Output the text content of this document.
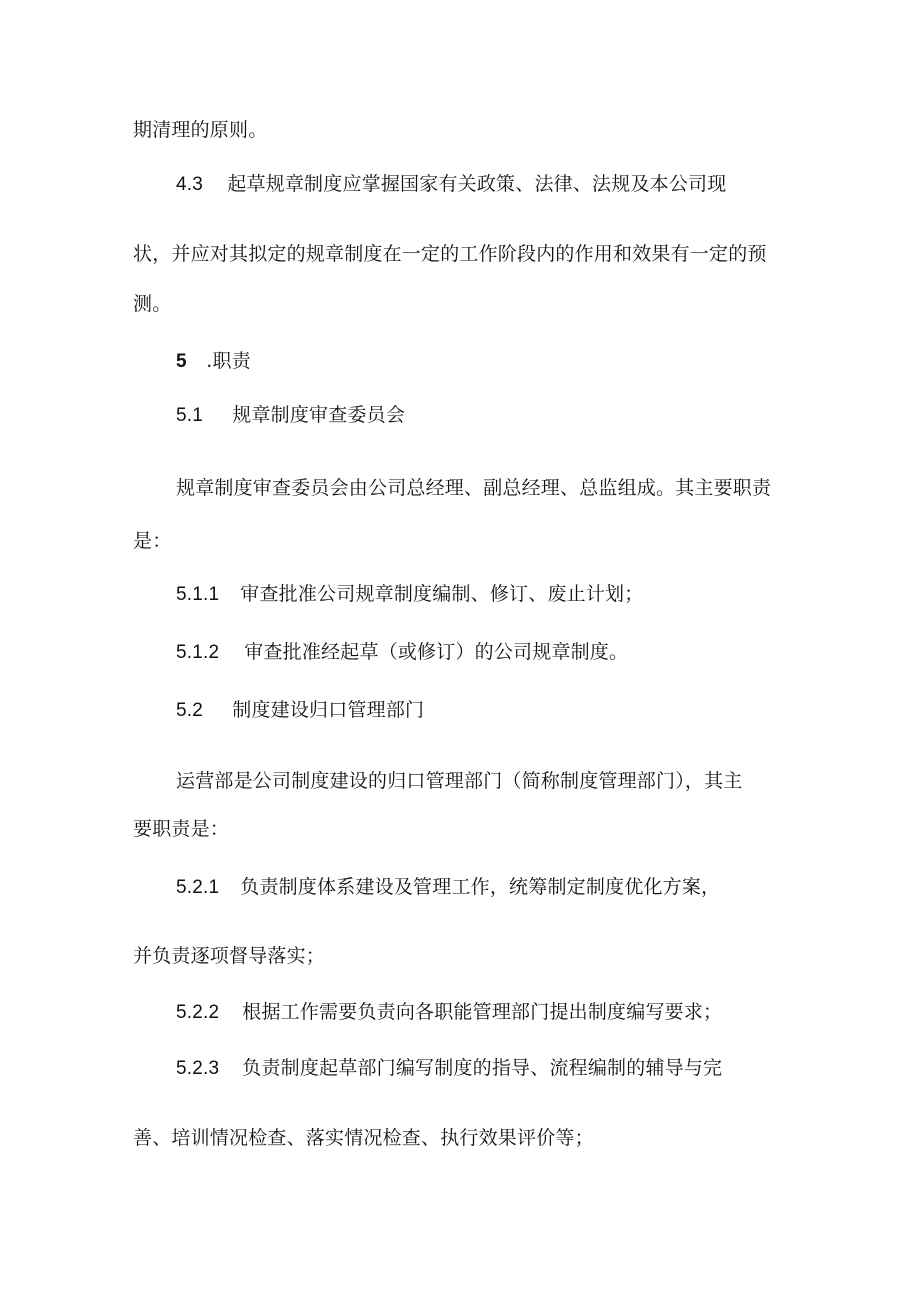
期清理的原则。
4.3 起草规章制度应掌握国家有关政策、法律、法规及本公司现
状，并应对其拟定的规章制度在一定的工作阶段内的作用和效果有一定的预
测。
5 .职责
5.1 规章制度审查委员会
规章制度审查委员会由公司总经理、副总经理、总监组成。其主要职责
是：
5.1.1 审查批准公司规章制度编制、修订、废止计划；
5.1.2 审查批准经起草（或修订）的公司规章制度。
5.2 制度建设归口管理部门
运营部是公司制度建设的归口管理部门（简称制度管理部门），其主
要职责是：
5.2.1 负责制度体系建设及管理工作，统筹制定制度优化方案，
并负责逐项督导落实；
5.2.2 根据工作需要负责向各职能管理部门提出制度编写要求；
5.2.3 负责制度起草部门编写制度的指导、流程编制的辅导与完
善、培训情况检查、落实情况检查、执行效果评价等；
